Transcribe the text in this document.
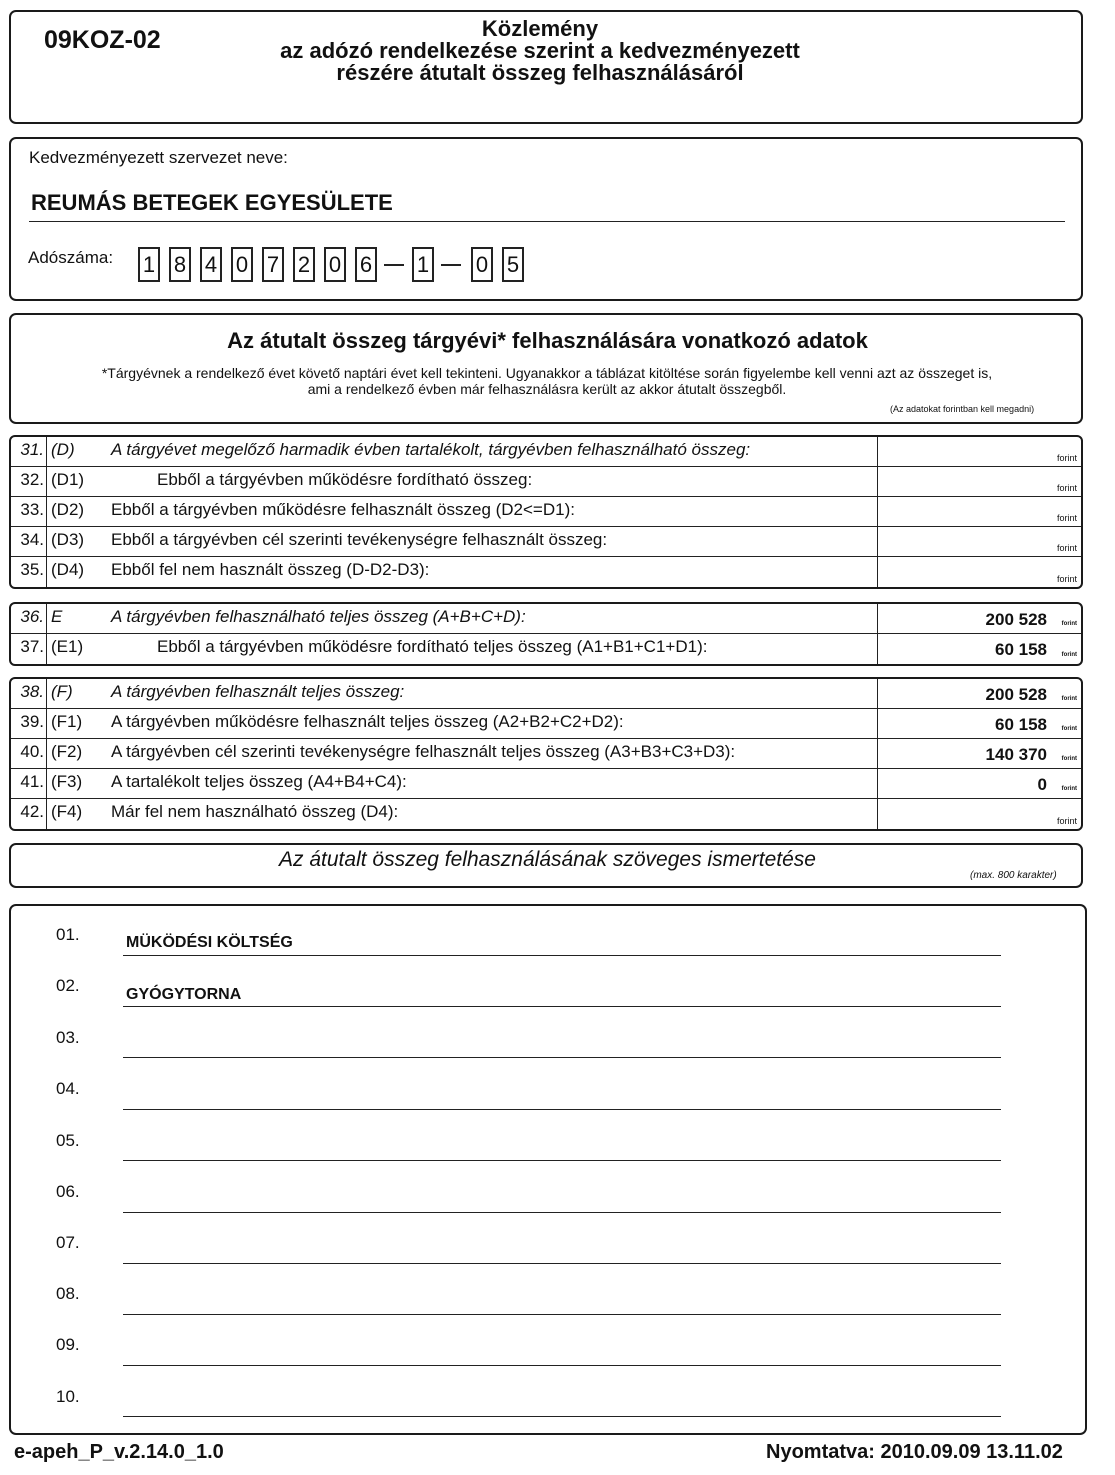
09KOZ-02	Közlemény
az adózó rendelkezése szerint a kedvezményezett
részére átutalt összeg felhasználásáról
Kedvezményezett szervezet neve:
REUMÁS BETEGEK EGYESÜLETE
Adószáma: 1 8 4 0 7 2 0 6 1 0 5
Az átutalt összeg tárgyévi* felhasználására vonatkozó adatok
*Tárgyévnek a rendelkező évet követő naptári évet kell tekinteni. Ugyanakkor a táblázat kitöltése során figyelembe kell venni azt az összeget is,
ami a rendelkező évben már felhasználásra került az akkor átutalt összegből.
(Az adatokat forintban kell megadni)
31. (D) A tárgyévet megelőző harmadik évben tartalékolt, tárgyévben felhasználható összeg:	forint
32. (D1)	Ebből a tárgyévben működésre fordítható összeg:	forint
33. (D2) Ebből a tárgyévben működésre felhasznált összeg (D2<=D1):	forint
34. (D3) Ebből a tárgyévben cél szerinti tevékenységre felhasznált összeg:	forint
35. (D4) Ebből fel nem használt összeg (D-D2-D3):	forint
36. E	A tárgyévben felhasználható teljes összeg (A+B+C+D):	200 528 forint
37. (E1)	Ebből a tárgyévben működésre fordítható teljes összeg (A1+B1+C1+D1):	60 158 forint
38. (F) A tárgyévben felhasznált teljes összeg:	200 528 forint
39. (F1) A tárgyévben működésre felhasznált teljes összeg (A2+B2+C2+D2):	60 158 forint
40. (F2) A tárgyévben cél szerinti tevékenységre felhasznált teljes összeg (A3+B3+C3+D3):	140 370 forint
41. (F3) A tartalékolt teljes összeg (A4+B4+C4):	0 forint
42. (F4) Már fel nem használható összeg (D4):	forint
Az átutalt összeg felhasználásának szöveges ismertetése
(max. 800 karakter)
01.	MÜKÖDÉSI KÖLTSÉG
02.	GYÓGYTORNA
03.
04.
05.
06.
07.
08.
09.
10.
e-apeh_P_v.2.14.0_1.0	Nyomtatva: 2010.09.09 13.11.02
